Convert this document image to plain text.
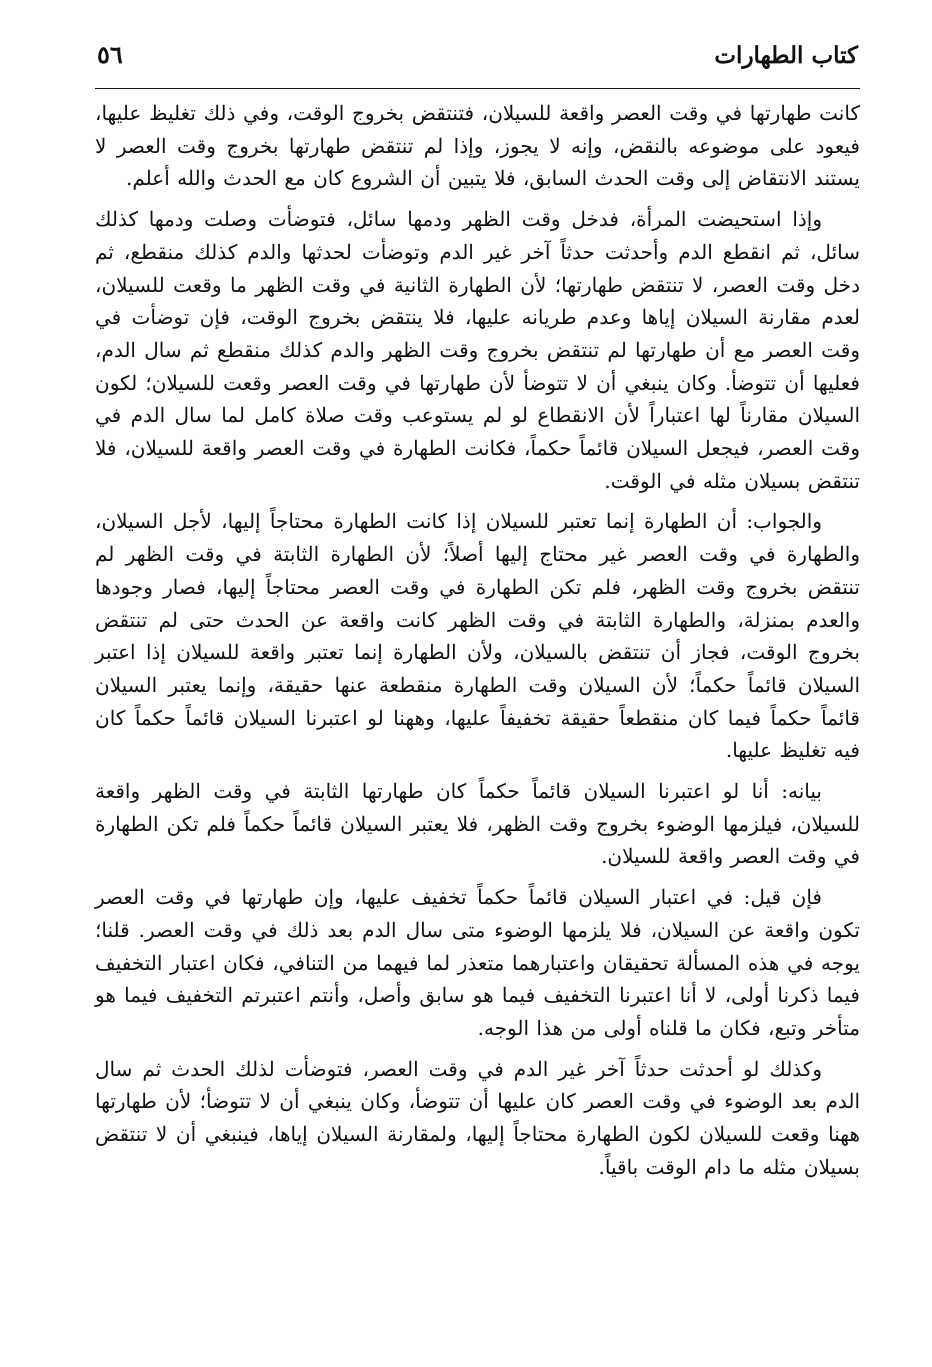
كتاب الطهارات
٥٦

كانت طهارتها في وقت العصر واقعة للسيلان، فتنتقض بخروج الوقت، وفي ذلك تغليظ عليها، فيعود على موضوعه بالنقض، وإنه لا يجوز، وإذا لم تنتقض طهارتها بخروج وقت العصر لا يستند الانتقاض إلى وقت الحدث السابق، فلا يتبين أن الشروع كان مع الحدث والله أعلم.

وإذا استحيضت المرأة، فدخل وقت الظهر ودمها سائل، فتوضأت وصلت ودمها كذلك سائل، ثم انقطع الدم وأحدثت حدثاً آخر غير الدم وتوضأت لحدثها والدم كذلك منقطع، ثم دخل وقت العصر، لا تنتقض طهارتها؛ لأن الطهارة الثانية في وقت الظهر ما وقعت للسيلان، لعدم مقارنة السيلان إياها وعدم طريانه عليها، فلا ينتقض بخروج الوقت، فإن توضأت في وقت العصر مع أن طهارتها لم تنتقض بخروج وقت الظهر والدم كذلك منقطع ثم سال الدم، فعليها أن تتوضأ. وكان ينبغي أن لا تتوضأ لأن طهارتها في وقت العصر وقعت للسيلان؛ لكون السيلان مقارناً لها اعتباراً لأن الانقطاع لو لم يستوعب وقت صلاة كامل لما سال الدم في وقت العصر، فيجعل السيلان قائماً حكماً، فكانت الطهارة في وقت العصر واقعة للسيلان، فلا تنتقض بسيلان مثله في الوقت.

والجواب: أن الطهارة إنما تعتبر للسيلان إذا كانت الطهارة محتاجاً إليها، لأجل السيلان، والطهارة في وقت العصر غير محتاج إليها أصلاً؛ لأن الطهارة الثابتة في وقت الظهر لم تنتقض بخروج وقت الظهر، فلم تكن الطهارة في وقت العصر محتاجاً إليها، فصار وجودها والعدم بمنزلة، والطهارة الثابتة في وقت الظهر كانت واقعة عن الحدث حتى لم تنتقض بخروج الوقت، فجاز أن تنتقض بالسيلان، ولأن الطهارة إنما تعتبر واقعة للسيلان إذا اعتبر السيلان قائماً حكماً؛ لأن السيلان وقت الطهارة منقطعة عنها حقيقة، وإنما يعتبر السيلان قائماً حكماً فيما كان منقطعاً حقيقة تخفيفاً عليها، وههنا لو اعتبرنا السيلان قائماً حكماً كان فيه تغليظ عليها.

بيانه: أنا لو اعتبرنا السيلان قائماً حكماً كان طهارتها الثابتة في وقت الظهر واقعة للسيلان، فيلزمها الوضوء بخروج وقت الظهر، فلا يعتبر السيلان قائماً حكماً فلم تكن الطهارة في وقت العصر واقعة للسيلان.

فإن قيل: في اعتبار السيلان قائماً حكماً تخفيف عليها، وإن طهارتها في وقت العصر تكون واقعة عن السيلان، فلا يلزمها الوضوء متى سال الدم بعد ذلك في وقت العصر. قلنا؛ يوجه في هذه المسألة تحقيقان واعتبارهما متعذر لما فيهما من التنافي، فكان اعتبار التخفيف فيما ذكرنا أولى، لا أنا اعتبرنا التخفيف فيما هو سابق وأصل، وأنتم اعتبرتم التخفيف فيما هو متأخر وتبع، فكان ما قلناه أولى من هذا الوجه.

وكذلك لو أحدثت حدثاً آخر غير الدم في وقت العصر، فتوضأت لذلك الحدث ثم سال الدم بعد الوضوء في وقت العصر كان عليها أن تتوضأ، وكان ينبغي أن لا تتوضأ؛ لأن طهارتها ههنا وقعت للسيلان لكون الطهارة محتاجاً إليها، ولمقارنة السيلان إياها، فينبغي أن لا تنتقض بسيلان مثله ما دام الوقت باقياً.
